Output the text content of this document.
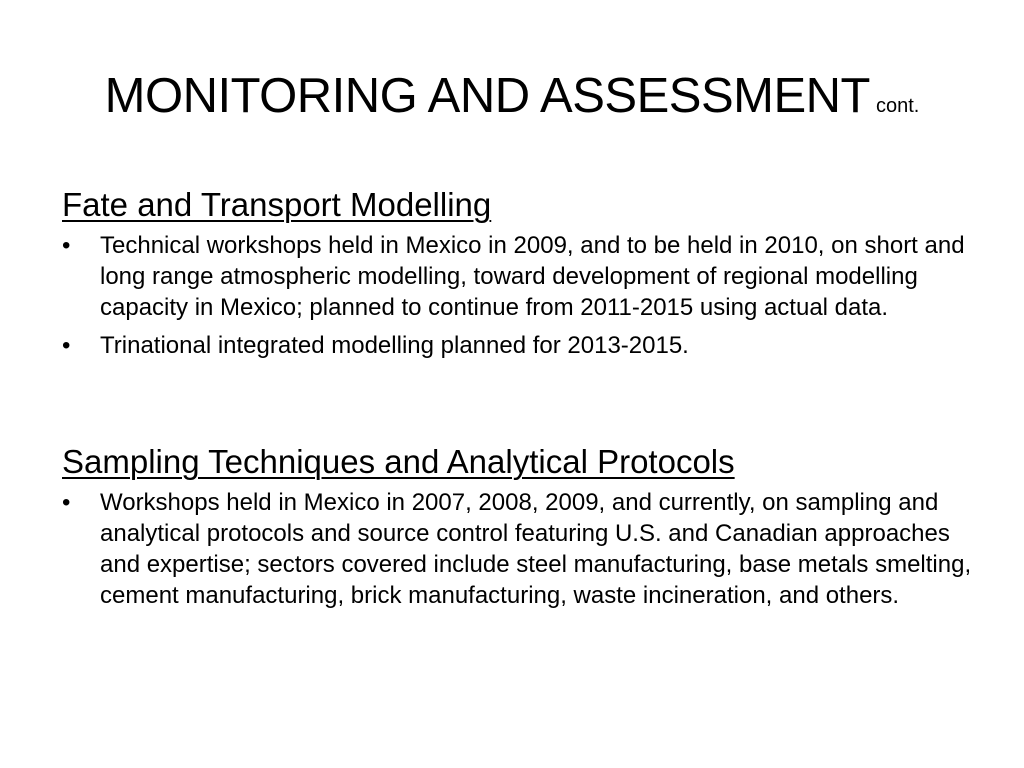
MONITORING AND ASSESSMENT cont.
Fate and Transport Modelling
•	Technical workshops held in Mexico in 2009, and to be held in 2010, on short and long range atmospheric modelling, toward development of regional modelling capacity in Mexico; planned to continue from 2011-2015 using actual data.
•	Trinational integrated modelling planned for 2013-2015.
Sampling Techniques and Analytical Protocols
•	Workshops held in Mexico in 2007, 2008, 2009, and currently, on sampling and analytical protocols and source control featuring U.S. and Canadian approaches and expertise; sectors covered include steel manufacturing, base metals smelting, cement manufacturing, brick manufacturing, waste incineration, and others.
